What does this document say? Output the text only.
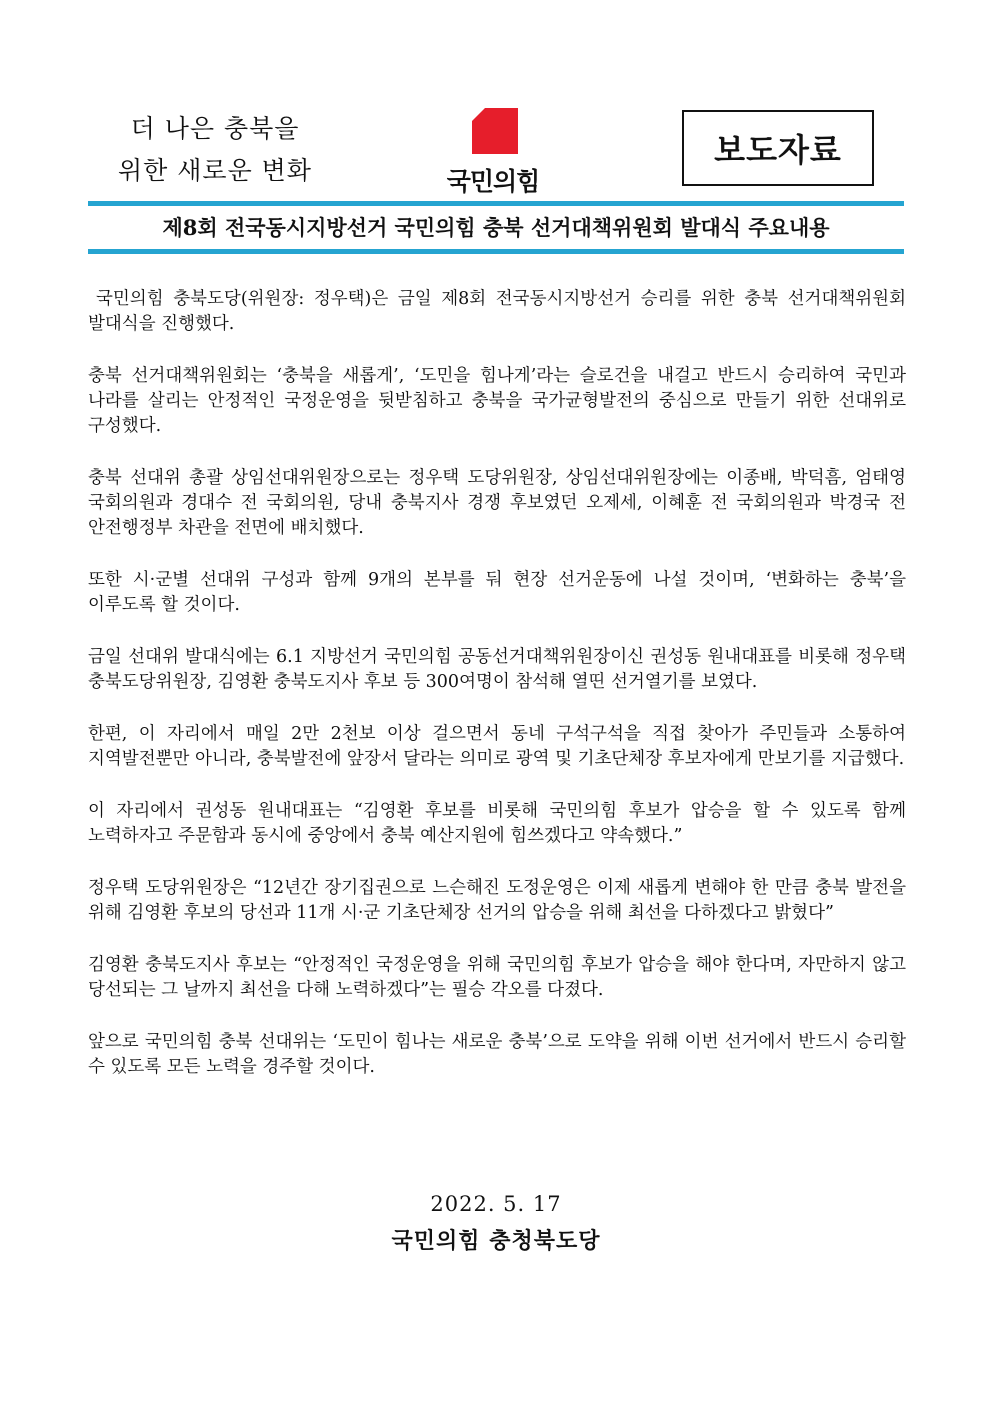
더 나은 충북을
위한 새로운 변화	국민의힘
보도자료
제8회 전국동시지방선거 국민의힘 충북 선거대책위원회 발대식 주요내용

국민의힘 충북도당(위원장: 정우택)은 금일 제8회 전국동시지방선거 승리를 위한 충북 선거대책위원회 발대식을 진행했다.

충북 선거대책위원회는 ‘충북을 새롭게’, ‘도민을 힘나게’라는 슬로건을 내걸고 반드시 승리하여 국민과 나라를 살리는 안정적인 국정운영을 뒷받침하고 충북을 국가균형발전의 중심으로 만들기 위한 선대위로 구성했다.

충북 선대위 총괄 상임선대위원장으로는 정우택 도당위원장, 상임선대위원장에는 이종배, 박덕흠, 엄태영 국회의원과 경대수 전 국회의원, 당내 충북지사 경쟁 후보였던 오제세, 이혜훈 전 국회의원과 박경국 전 안전행정부 차관을 전면에 배치했다.

또한 시·군별 선대위 구성과 함께 9개의 본부를 둬 현장 선거운동에 나설 것이며, ‘변화하는 충북’을 이루도록 할 것이다.

금일 선대위 발대식에는 6.1 지방선거 국민의힘 공동선거대책위원장이신 권성동 원내대표를 비롯해 정우택 충북도당위원장, 김영환 충북도지사 후보 등 300여명이 참석해 열띤 선거열기를 보였다.

한편, 이 자리에서 매일 2만 2천보 이상 걸으면서 동네 구석구석을 직접 찾아가 주민들과 소통하여 지역발전뿐만 아니라, 충북발전에 앞장서 달라는 의미로 광역 및 기초단체장 후보자에게 만보기를 지급했다.

이 자리에서 권성동 원내대표는 “김영환 후보를 비롯해 국민의힘 후보가 압승을 할 수 있도록 함께 노력하자고 주문함과 동시에 중앙에서 충북 예산지원에 힘쓰겠다고 약속했다.”

정우택 도당위원장은 “12년간 장기집권으로 느슨해진 도정운영은 이제 새롭게 변해야 한 만큼 충북 발전을 위해 김영환 후보의 당선과 11개 시·군 기초단체장 선거의 압승을 위해 최선을 다하겠다고 밝혔다”

김영환 충북도지사 후보는 “안정적인 국정운영을 위해 국민의힘 후보가 압승을 해야 한다며, 자만하지 않고 당선되는 그 날까지 최선을 다해 노력하겠다”는 필승 각오를 다졌다.

앞으로 국민의힘 충북 선대위는 ‘도민이 힘나는 새로운 충북’으로 도약을 위해 이번 선거에서 반드시 승리할 수 있도록 모든 노력을 경주할 것이다.

2022. 5. 17
국민의힘 충청북도당
